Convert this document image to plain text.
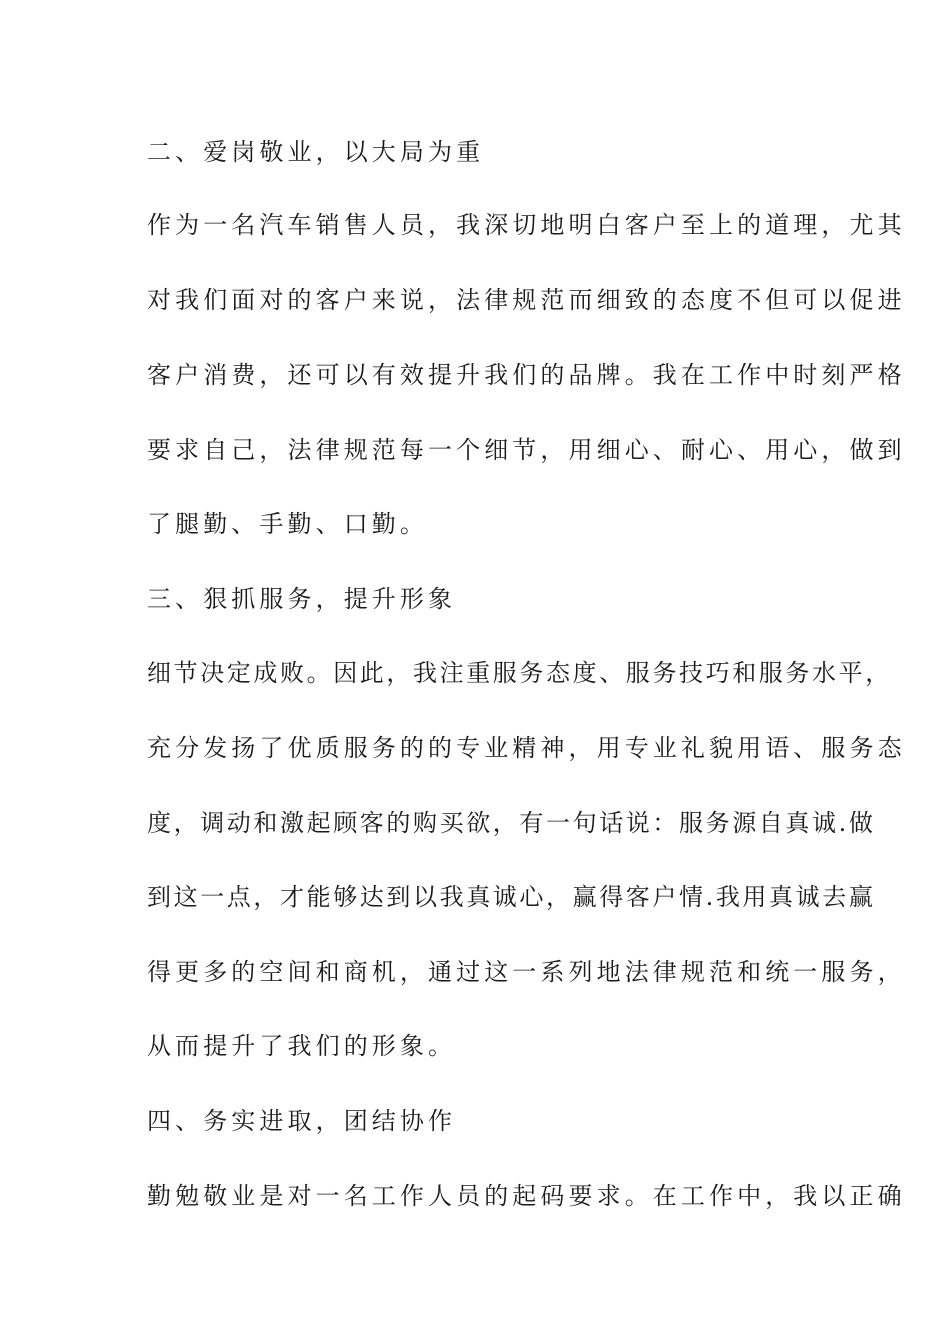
二、爱岗敬业，以大局为重
作为一名汽车销售人员，我深切地明白客户至上的道理，尤其
对我们面对的客户来说，法律规范而细致的态度不但可以促进
客户消费，还可以有效提升我们的品牌。我在工作中时刻严格
要求自己，法律规范每一个细节，用细心、耐心、用心，做到
了腿勤、手勤、口勤。
三、狠抓服务，提升形象
细节决定成败。因此，我注重服务态度、服务技巧和服务水平，
充分发扬了优质服务的的专业精神，用专业礼貌用语、服务态
度，调动和激起顾客的购买欲，有一句话说：服务源自真诚.做
到这一点，才能够达到以我真诚心，赢得客户情.我用真诚去赢
得更多的空间和商机，通过这一系列地法律规范和统一服务，
从而提升了我们的形象。
四、务实进取，团结协作
勤勉敬业是对一名工作人员的起码要求。在工作中，我以正确
